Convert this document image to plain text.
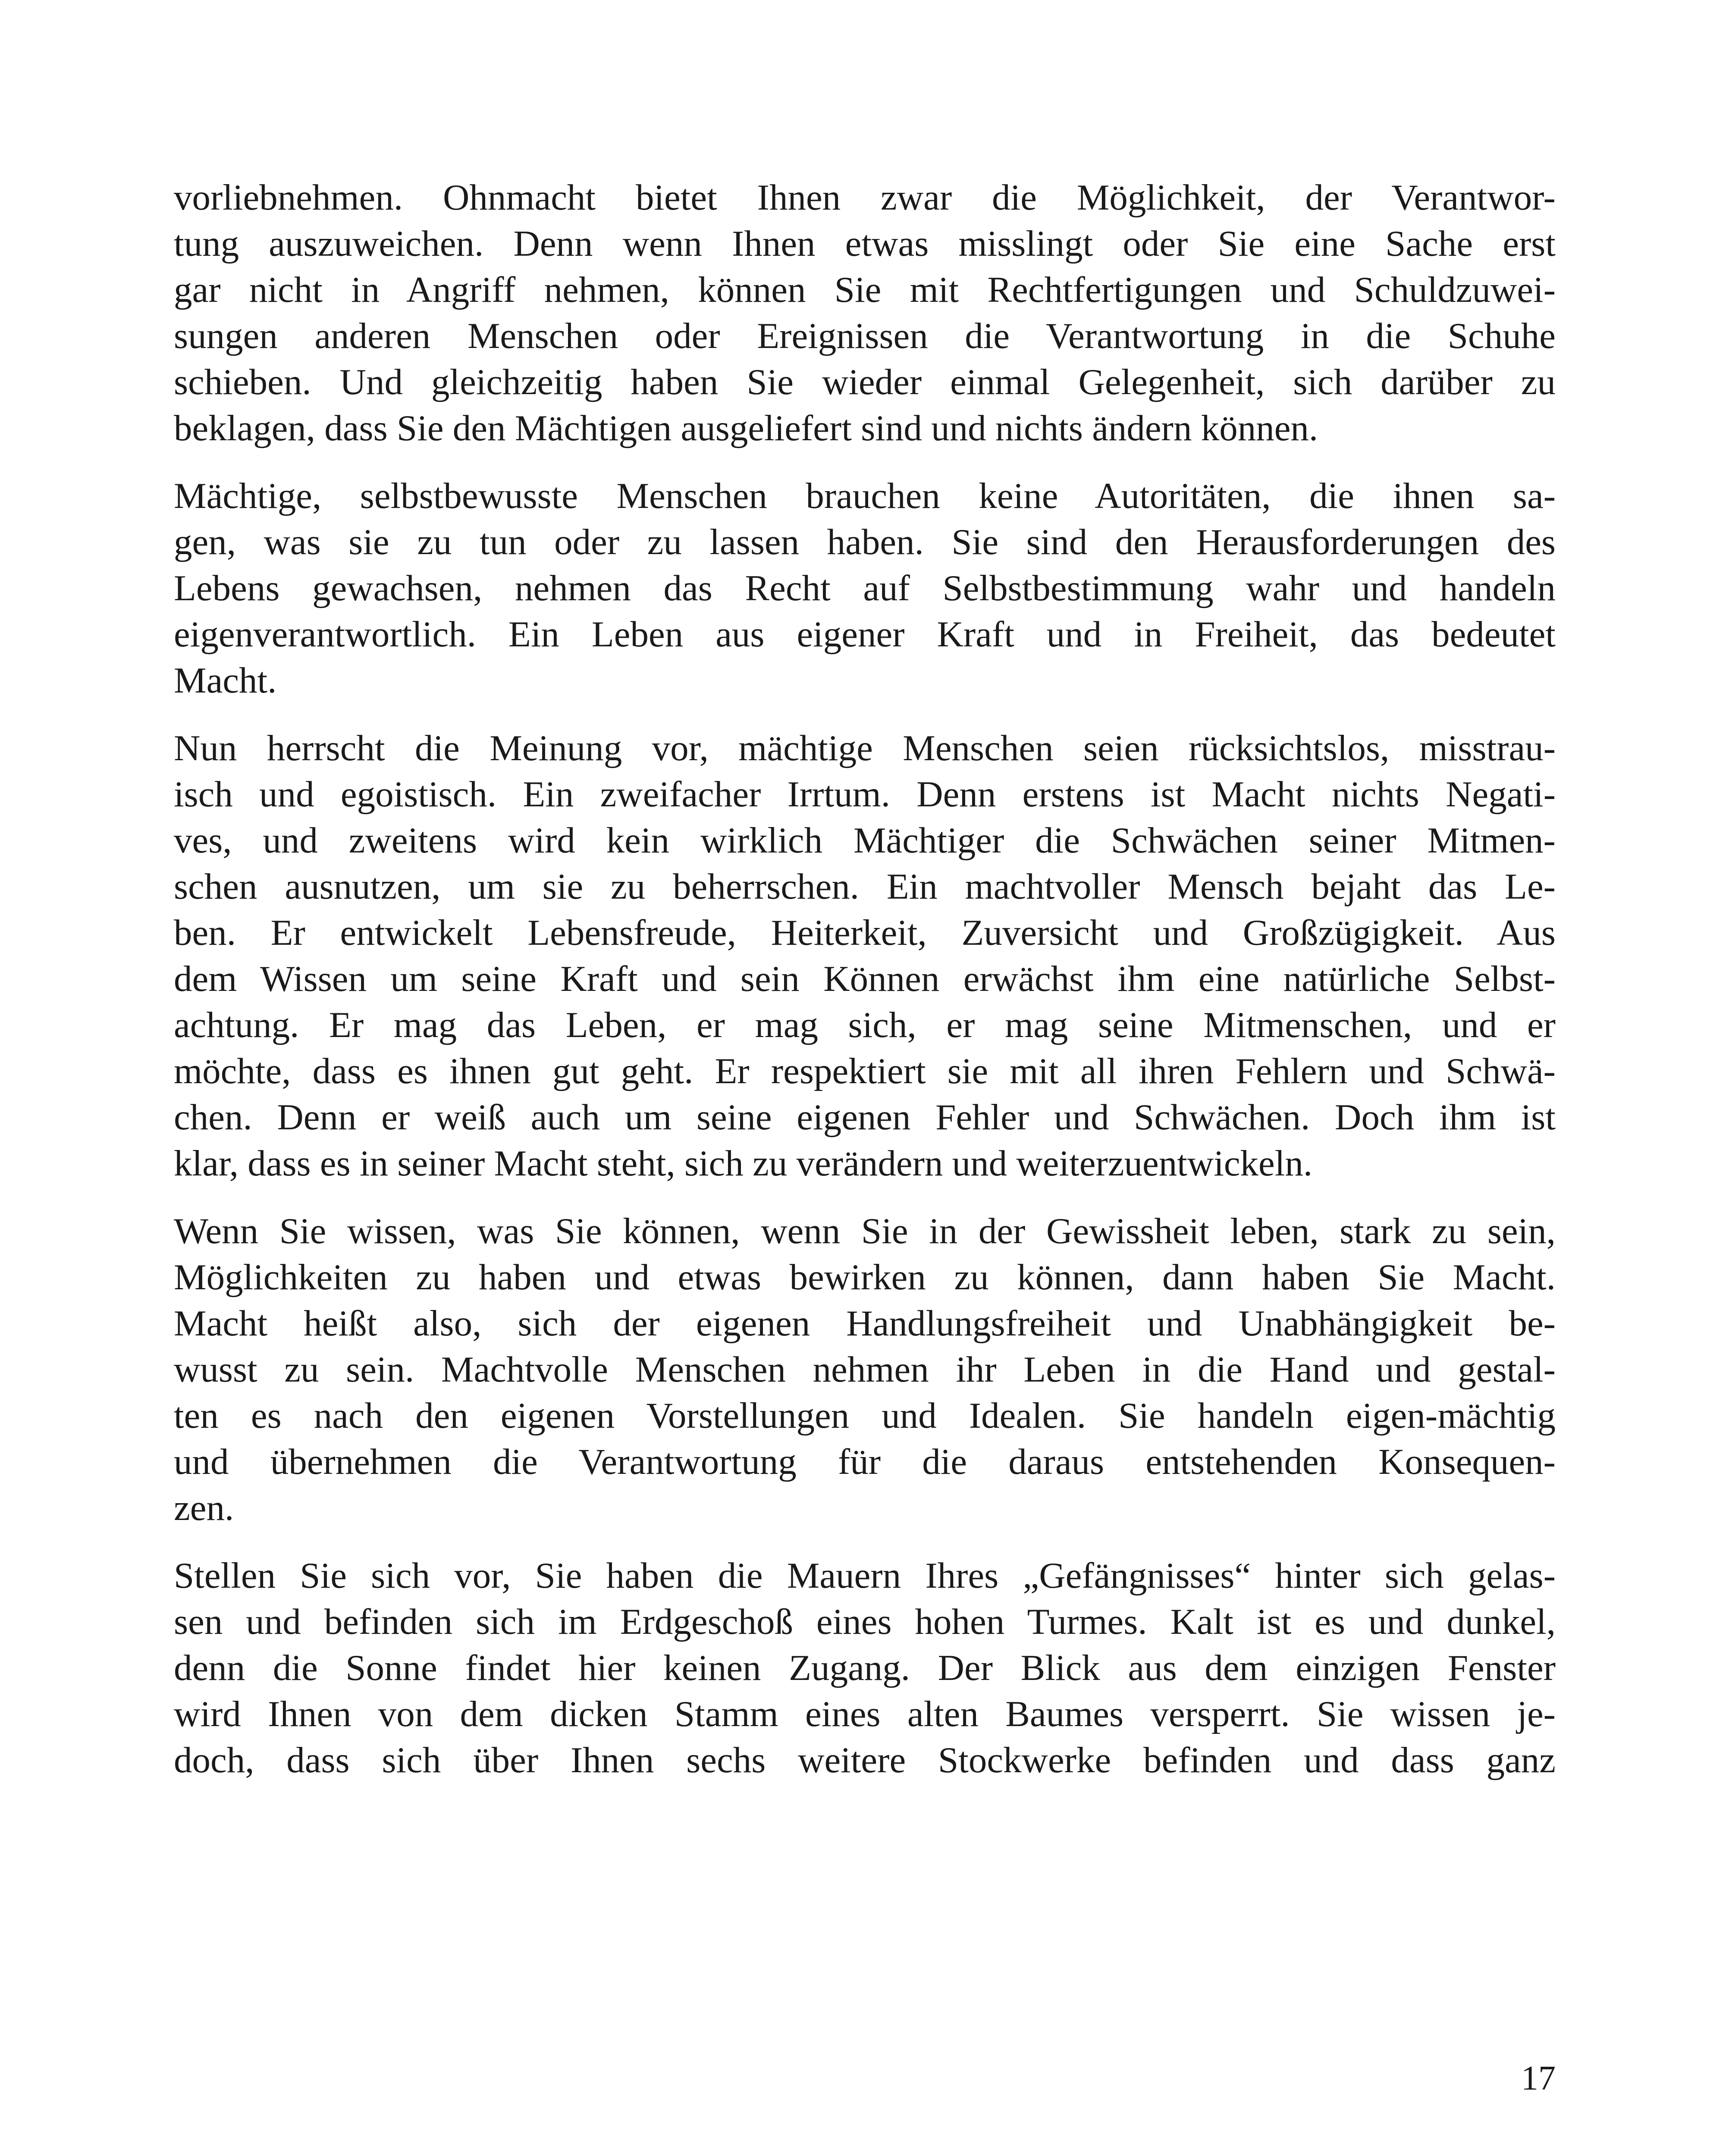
vorliebnehmen. Ohnmacht bietet Ihnen zwar die Möglichkeit, der Verantwor-
tung auszuweichen. Denn wenn Ihnen etwas misslingt oder Sie eine Sache erst
gar nicht in Angriff nehmen, können Sie mit Rechtfertigungen und Schuldzuwei-
sungen anderen Menschen oder Ereignissen die Verantwortung in die Schuhe
schieben. Und gleichzeitig haben Sie wieder einmal Gelegenheit, sich darüber zu
beklagen, dass Sie den Mächtigen ausgeliefert sind und nichts ändern können.

Mächtige, selbstbewusste Menschen brauchen keine Autoritäten, die ihnen sa-
gen, was sie zu tun oder zu lassen haben. Sie sind den Herausforderungen des
Lebens gewachsen, nehmen das Recht auf Selbstbestimmung wahr und handeln
eigenverantwortlich. Ein Leben aus eigener Kraft und in Freiheit, das bedeutet
Macht.

Nun herrscht die Meinung vor, mächtige Menschen seien rücksichtslos, misstrau-
isch und egoistisch. Ein zweifacher Irrtum. Denn erstens ist Macht nichts Negati-
ves, und zweitens wird kein wirklich Mächtiger die Schwächen seiner Mitmen-
schen ausnutzen, um sie zu beherrschen. Ein machtvoller Mensch bejaht das Le-
ben. Er entwickelt Lebensfreude, Heiterkeit, Zuversicht und Großzügigkeit. Aus
dem Wissen um seine Kraft und sein Können erwächst ihm eine natürliche Selbst-
achtung. Er mag das Leben, er mag sich, er mag seine Mitmenschen, und er
möchte, dass es ihnen gut geht. Er respektiert sie mit all ihren Fehlern und Schwä-
chen. Denn er weiß auch um seine eigenen Fehler und Schwächen. Doch ihm ist
klar, dass es in seiner Macht steht, sich zu verändern und weiterzuentwickeln.

Wenn Sie wissen, was Sie können, wenn Sie in der Gewissheit leben, stark zu sein,
Möglichkeiten zu haben und etwas bewirken zu können, dann haben Sie Macht.
Macht heißt also, sich der eigenen Handlungsfreiheit und Unabhängigkeit be-
wusst zu sein. Machtvolle Menschen nehmen ihr Leben in die Hand und gestal-
ten es nach den eigenen Vorstellungen und Idealen. Sie handeln eigen-mächtig
und übernehmen die Verantwortung für die daraus entstehenden Konsequen-
zen.

Stellen Sie sich vor, Sie haben die Mauern Ihres „Gefängnisses“ hinter sich gelas-
sen und befinden sich im Erdgeschoß eines hohen Turmes. Kalt ist es und dunkel,
denn die Sonne findet hier keinen Zugang. Der Blick aus dem einzigen Fenster
wird Ihnen von dem dicken Stamm eines alten Baumes versperrt. Sie wissen je-
doch, dass sich über Ihnen sechs weitere Stockwerke befinden und dass ganz

17
